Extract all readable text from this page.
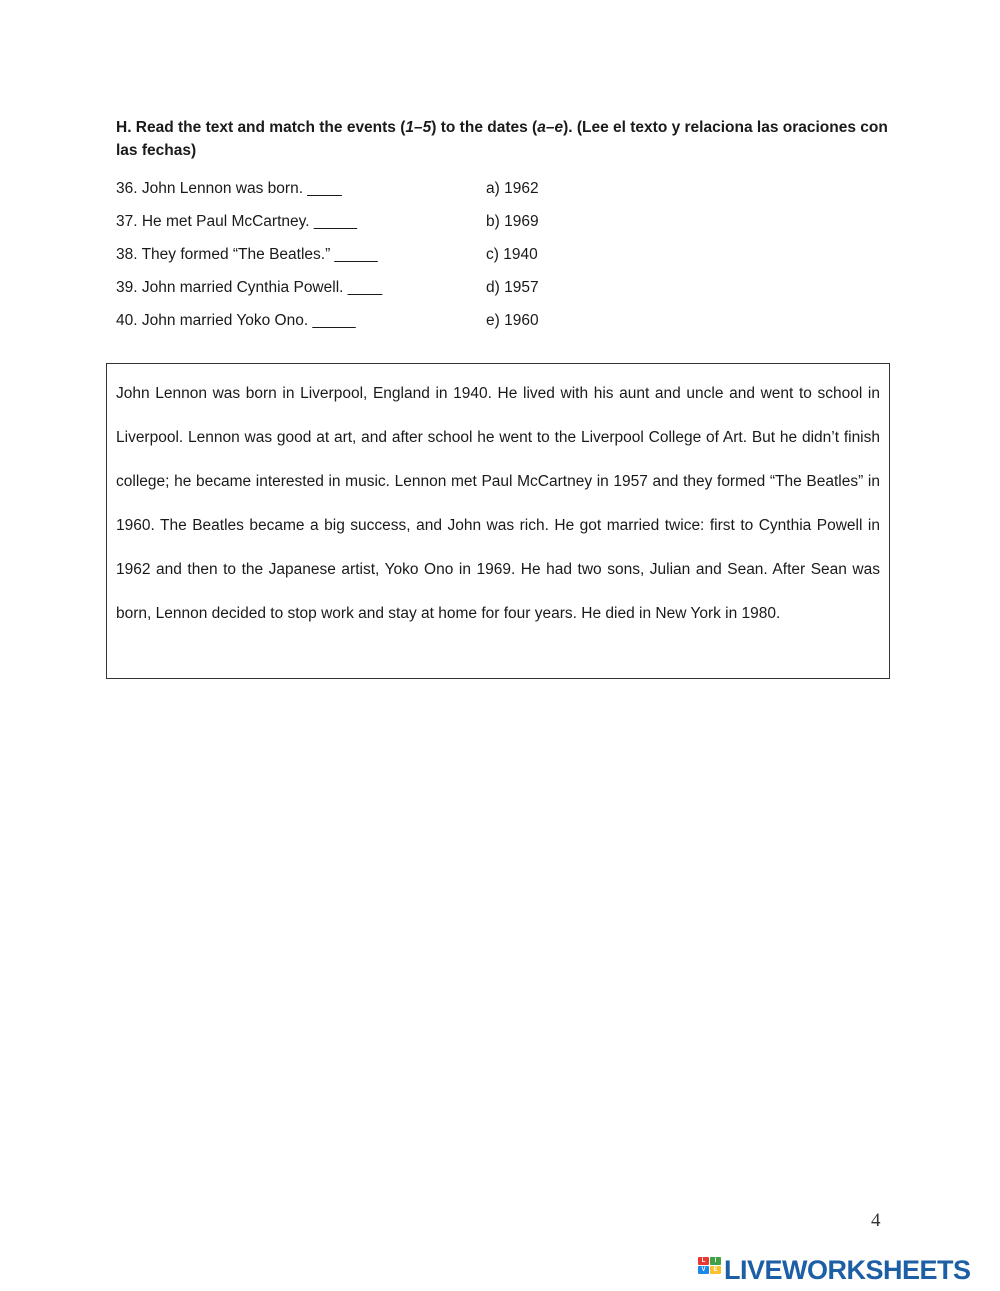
H. Read the text and match the events (1–5) to the dates (a–e). (Lee el texto y relaciona las oraciones con las fechas)
36. John Lennon was born. ____	a) 1962
37. He met Paul McCartney. _____	b) 1969
38. They formed “The Beatles.” _____	c) 1940
39. John married Cynthia Powell. ____	d) 1957
40. John married Yoko Ono. _____	e) 1960
John Lennon was born in Liverpool, England in 1940. He lived with his aunt and uncle and went to school in Liverpool. Lennon was good at art, and after school he went to the Liverpool College of Art. But he didn’t finish college; he became interested in music. Lennon met Paul McCartney in 1957 and they formed “The Beatles” in 1960. The Beatles became a big success, and John was rich. He got married twice: first to Cynthia Powell in 1962 and then to the Japanese artist, Yoko Ono in 1969. He had two sons, Julian and Sean. After Sean was born, Lennon decided to stop work and stay at home for four years. He died in New York in 1980.
4
L	I
V	E LIVEWORKSHEETS
